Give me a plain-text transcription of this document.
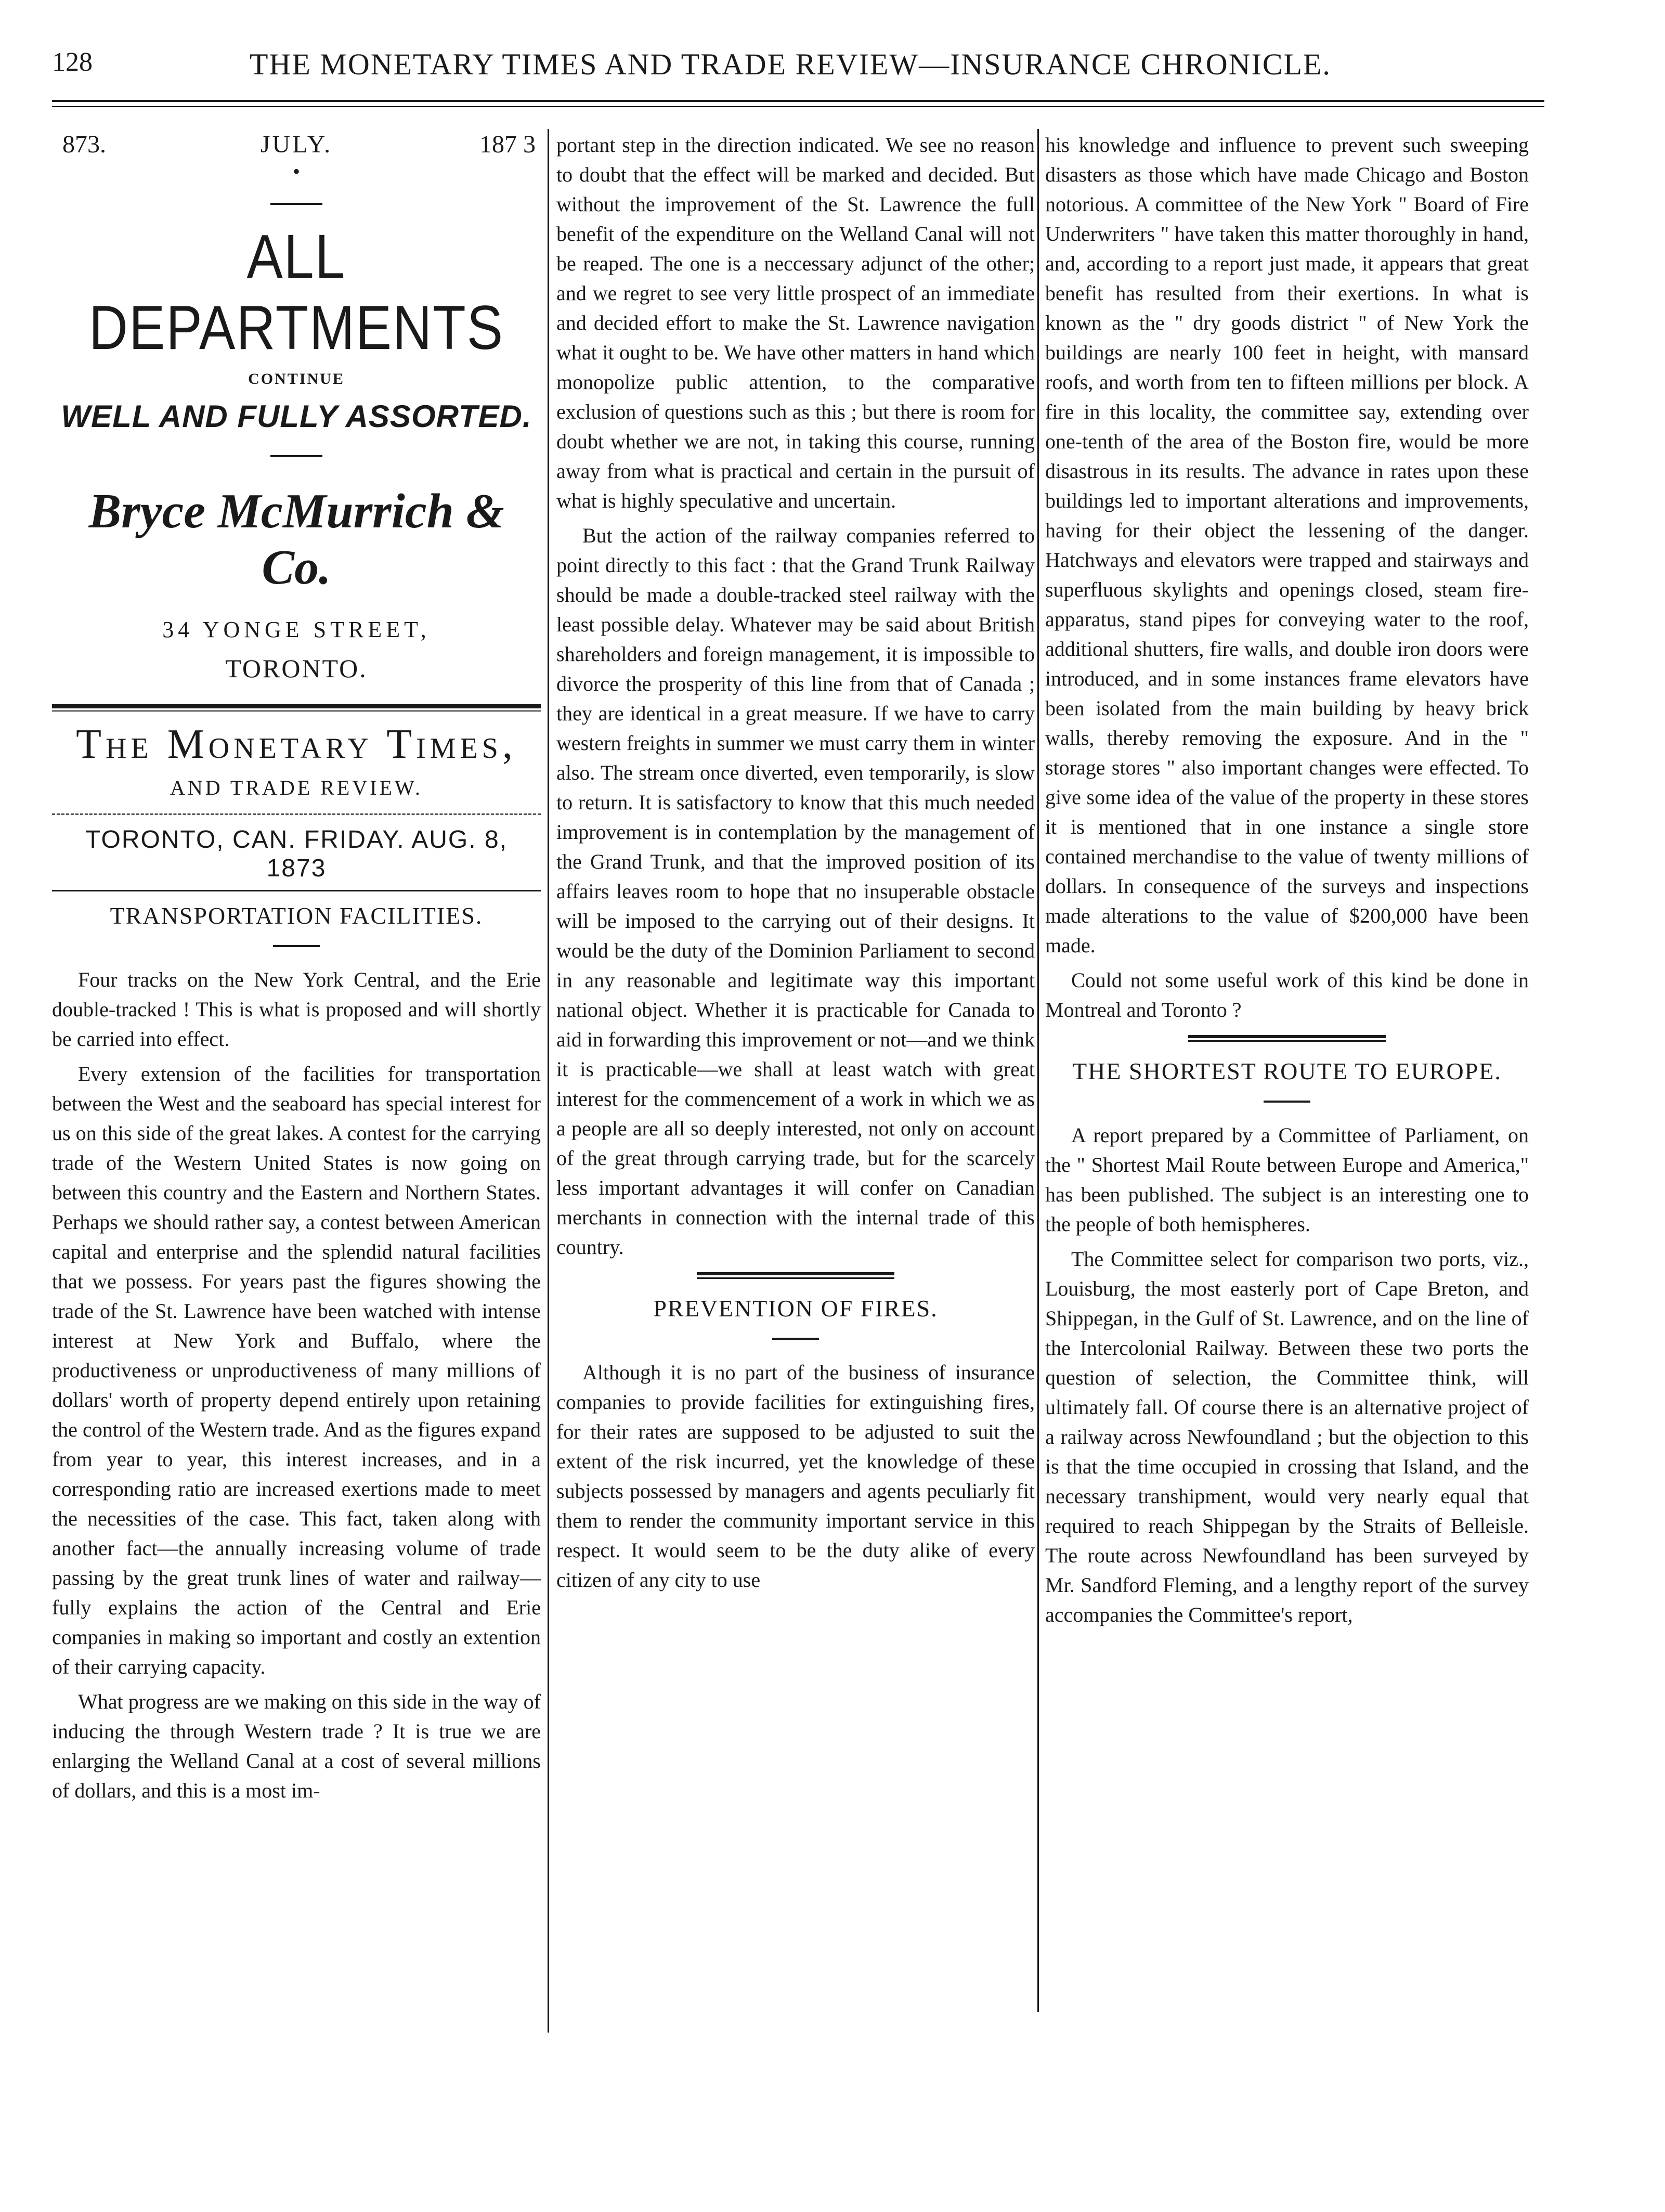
128	THE MONETARY TIMES AND TRADE REVIEW—INSURANCE CHRONICLE.
873.	JULY.	187 3

•

ALL DEPARTMENTS

CONTINUE

WELL AND FULLY ASSORTED.

Bryce McMurrich & Co.

34 YONGE STREET,

TORONTO.

The Monetary Times,

AND TRADE REVIEW.

TORONTO, CAN. FRIDAY. AUG. 8, 1873

TRANSPORTATION FACILITIES.

Four tracks on the New York Central, and the Erie double-tracked ! This is what is proposed and will shortly be carried into effect.

Every extension of the facilities for transportation between the West and the seaboard has special interest for us on this side of the great lakes. A contest for the carrying trade of the Western United States is now going on between this country and the Eastern and Northern States. Perhaps we should rather say, a contest between American capital and enterprise and the splendid natural facilities that we possess. For years past the figures showing the trade of the St. Lawrence have been watched with intense interest at New York and Buffalo, where the productiveness or unproductiveness of many millions of dollars' worth of property depend entirely upon retaining the control of the Western trade. And as the figures expand from year to year, this interest increases, and in a corresponding ratio are increased exertions made to meet the necessities of the case. This fact, taken along with another fact—the annually increasing volume of trade passing by the great trunk lines of water and railway—fully explains the action of the Central and Erie companies in making so important and costly an extention of their carrying capacity.

What progress are we making on this side in the way of inducing the through Western trade ? It is true we are enlarging the Welland Canal at a cost of several millions of dollars, and this is a most im-

portant step in the direction indicated. We see no reason to doubt that the effect will be marked and decided. But without the improvement of the St. Lawrence the full benefit of the expenditure on the Welland Canal will not be reaped. The one is a neccessary adjunct of the other; and we regret to see very little prospect of an immediate and decided effort to make the St. Lawrence navigation what it ought to be. We have other matters in hand which monopolize public attention, to the comparative exclusion of questions such as this ; but there is room for doubt whether we are not, in taking this course, running away from what is practical and certain in the pursuit of what is highly speculative and uncertain.

But the action of the railway companies referred to point directly to this fact : that the Grand Trunk Railway should be made a double-tracked steel railway with the least possible delay. Whatever may be said about British shareholders and foreign management, it is impossible to divorce the prosperity of this line from that of Canada ; they are identical in a great measure. If we have to carry western freights in summer we must carry them in winter also. The stream once diverted, even temporarily, is slow to return. It is satisfactory to know that this much needed improvement is in contemplation by the management of the Grand Trunk, and that the improved position of its affairs leaves room to hope that no insuperable obstacle will be imposed to the carrying out of their designs. It would be the duty of the Dominion Parliament to second in any reasonable and legitimate way this important national object. Whether it is practicable for Canada to aid in forwarding this improvement or not—and we think it is practicable—we shall at least watch with great interest for the commencement of a work in which we as a people are all so deeply interested, not only on account of the great through carrying trade, but for the scarcely less important advantages it will confer on Canadian merchants in connection with the internal trade of this country.

PREVENTION OF FIRES.

Although it is no part of the business of insurance companies to provide facilities for extinguishing fires, for their rates are supposed to be adjusted to suit the extent of the risk incurred, yet the knowledge of these subjects possessed by managers and agents peculiarly fit them to render the community important service in this respect. It would seem to be the duty alike of every citizen of any city to use

his knowledge and influence to prevent such sweeping disasters as those which have made Chicago and Boston notorious. A committee of the New York " Board of Fire Underwriters " have taken this matter thoroughly in hand, and, according to a report just made, it appears that great benefit has resulted from their exertions. In what is known as the " dry goods district " of New York the buildings are nearly 100 feet in height, with mansard roofs, and worth from ten to fifteen millions per block. A fire in this locality, the committee say, extending over one-tenth of the area of the Boston fire, would be more disastrous in its results. The advance in rates upon these buildings led to important alterations and improvements, having for their object the lessening of the danger. Hatchways and elevators were trapped and stairways and superfluous skylights and openings closed, steam fire-apparatus, stand pipes for conveying water to the roof, additional shutters, fire walls, and double iron doors were introduced, and in some instances frame elevators have been isolated from the main building by heavy brick walls, thereby removing the exposure. And in the " storage stores " also important changes were effected. To give some idea of the value of the property in these stores it is mentioned that in one instance a single store contained merchandise to the value of twenty millions of dollars. In consequence of the surveys and inspections made alterations to the value of $200,000 have been made.

Could not some useful work of this kind be done in Montreal and Toronto ?

THE SHORTEST ROUTE TO EUROPE.

A report prepared by a Committee of Parliament, on the " Shortest Mail Route between Europe and America," has been published. The subject is an interesting one to the people of both hemispheres.

The Committee select for comparison two ports, viz., Louisburg, the most easterly port of Cape Breton, and Shippegan, in the Gulf of St. Lawrence, and on the line of the Intercolonial Railway. Between these two ports the question of selection, the Committee think, will ultimately fall. Of course there is an alternative project of a railway across Newfoundland ; but the objection to this is that the time occupied in crossing that Island, and the necessary transhipment, would very nearly equal that required to reach Shippegan by the Straits of Belleisle. The route across Newfoundland has been surveyed by Mr. Sandford Fleming, and a lengthy report of the survey accompanies the Committee's report,
